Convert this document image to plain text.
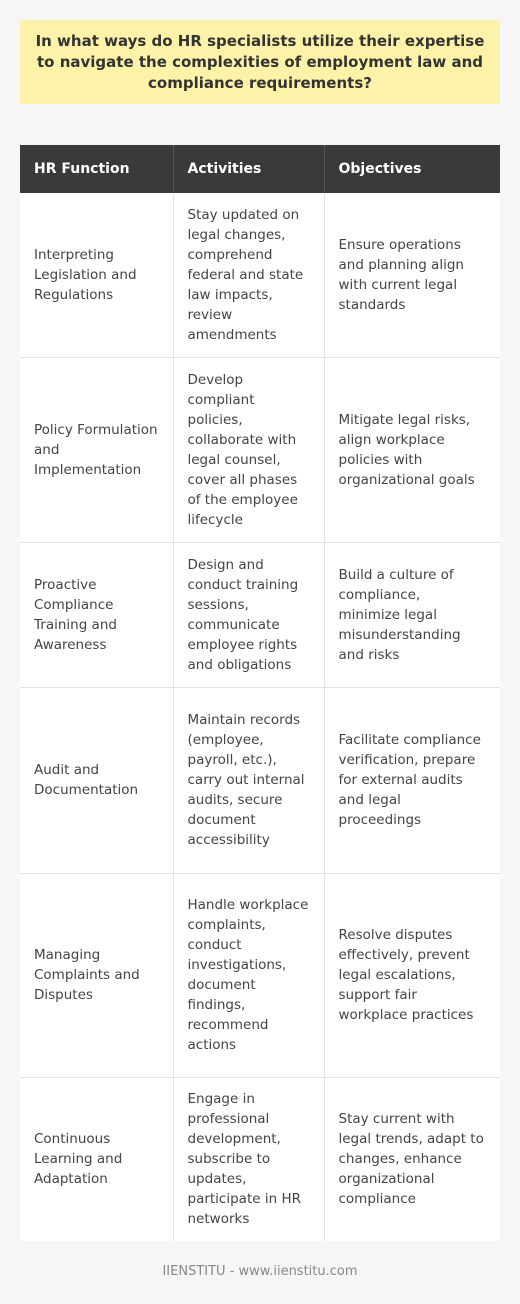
In what ways do HR specialists utilize their expertise to navigate the complexities of employment law and compliance requirements?
HR Function	Activities	Objectives
Interpreting Legislation and Regulations	Stay updated on legal changes, comprehend federal and state law impacts, review amendments	Ensure operations and planning align with current legal standards
Policy Formulation and Implementation	Develop compliant policies, collaborate with legal counsel, cover all phases of the employee lifecycle	Mitigate legal risks, align workplace policies with organizational goals
Proactive Compliance Training and Awareness	Design and conduct training sessions, communicate employee rights and obligations	Build a culture of compliance, minimize legal misunderstanding and risks
Audit and Documentation	Maintain records (employee, payroll, etc.), carry out internal audits, secure document accessibility	Facilitate compliance verification, prepare for external audits and legal proceedings
Managing Complaints and Disputes	Handle workplace complaints, conduct investigations, document findings, recommend actions	Resolve disputes effectively, prevent legal escalations, support fair workplace practices
Continuous Learning and Adaptation	Engage in professional development, subscribe to updates, participate in HR networks	Stay current with legal trends, adapt to changes, enhance organizational compliance
IIENSTITU - www.iienstitu.com
